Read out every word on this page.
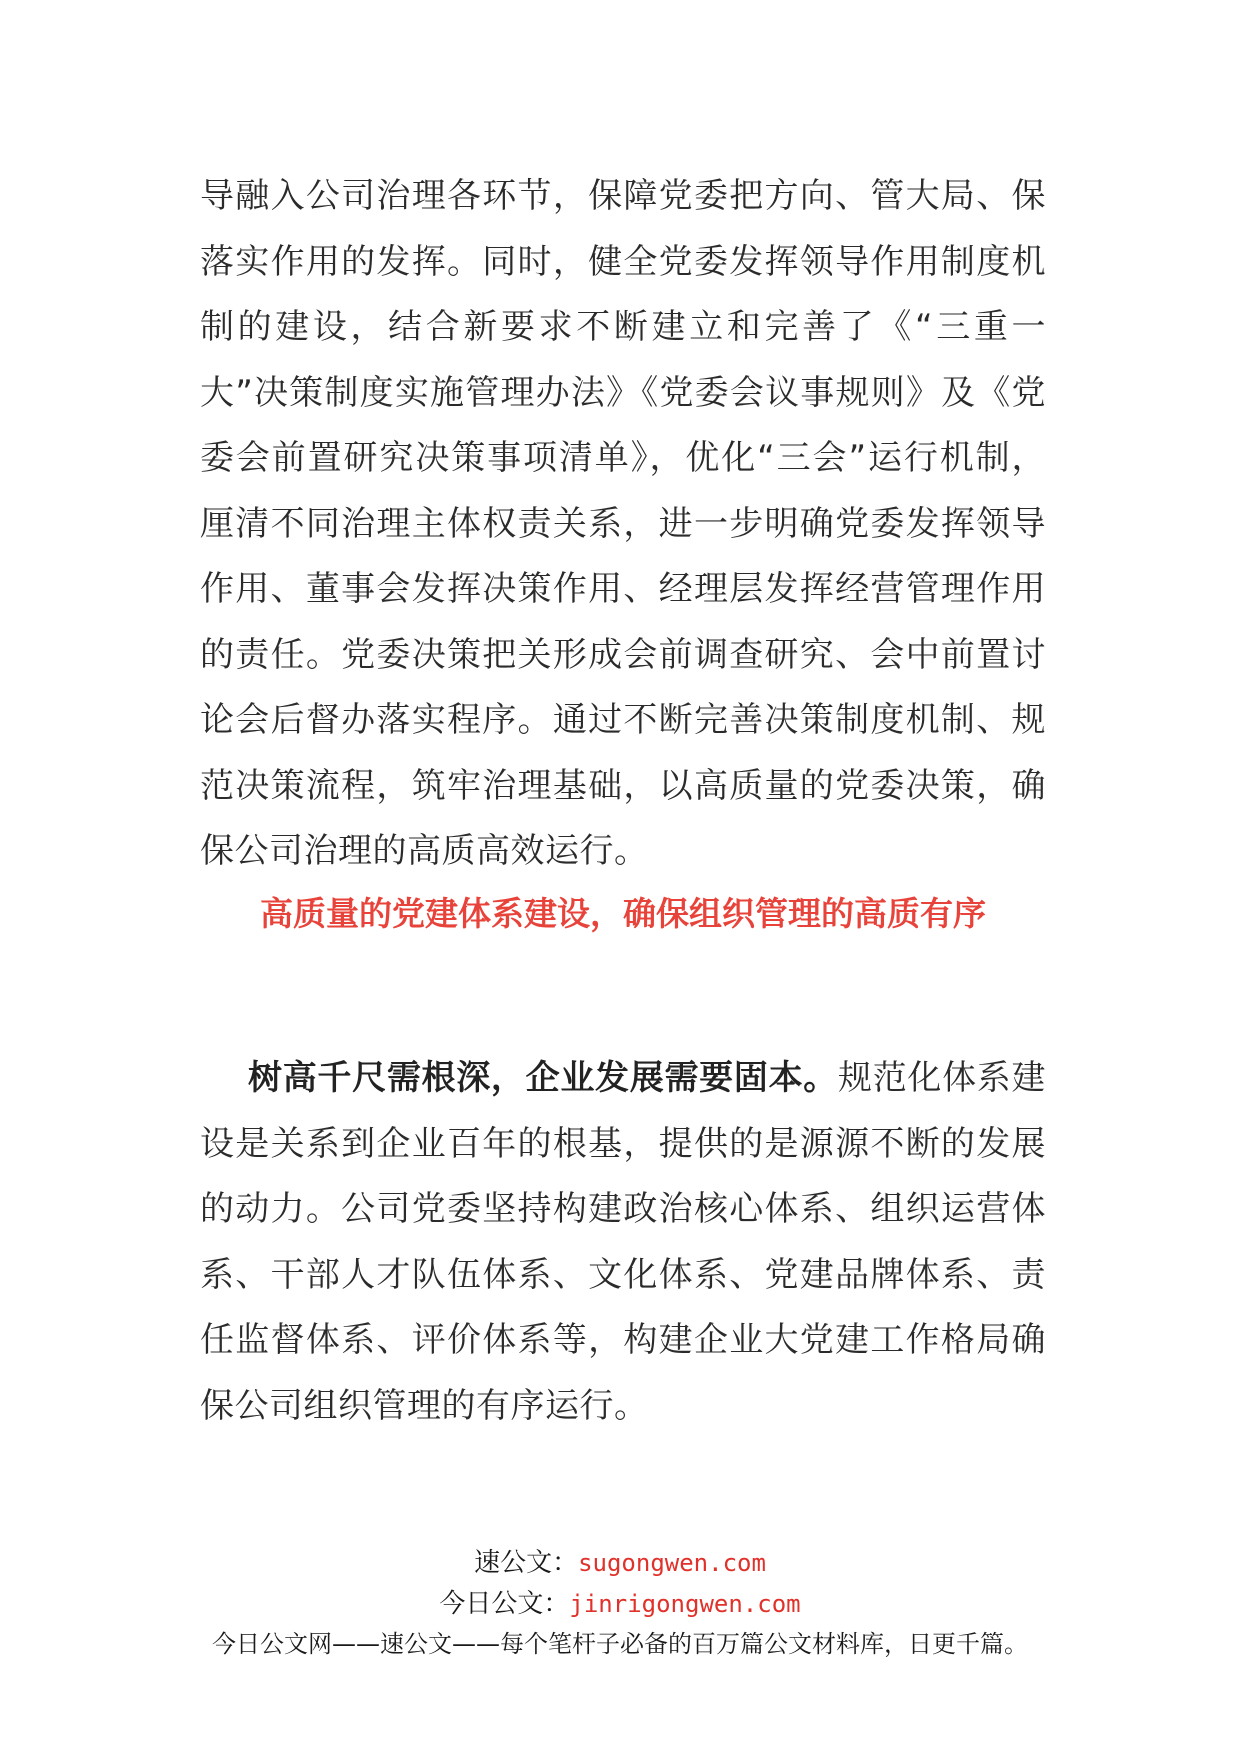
导融入公司治理各环节，保障党委把方向、管大局、保落实作用的发挥。同时，健全党委发挥领导作用制度机制的建设，结合新要求不断建立和完善了《“三重一大”决策制度实施管理办法》《党委会议事规则》及《党委会前置研究决策事项清单》，优化“三会”运行机制，厘清不同治理主体权责关系，进一步明确党委发挥领导作用、董事会发挥决策作用、经理层发挥经营管理作用的责任。党委决策把关形成会前调查研究、会中前置讨论会后督办落实程序。通过不断完善决策制度机制、规范决策流程，筑牢治理基础，以高质量的党委决策，确保公司治理的高质高效运行。

高质量的党建体系建设，确保组织管理的高质有序

树高千尺需根深，企业发展需要固本。规范化体系建设是关系到企业百年的根基，提供的是源源不断的发展的动力。公司党委坚持构建政治核心体系、组织运营体系、干部人才队伍体系、文化体系、党建品牌体系、责任监督体系、评价体系等，构建企业大党建工作格局确保公司组织管理的有序运行。

速公文：sugongwen.com
今日公文：jinrigongwen.com
今日公文网——速公文——每个笔杆子必备的百万篇公文材料库，日更千篇。
